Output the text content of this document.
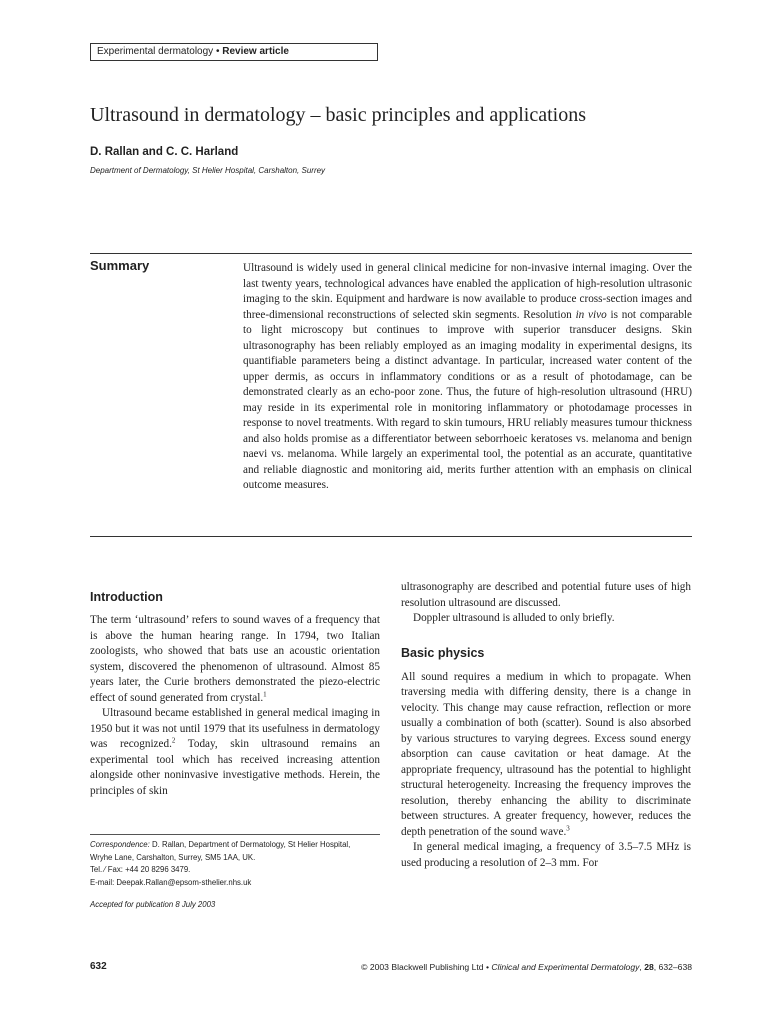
Experimental dermatology • Review article
Ultrasound in dermatology – basic principles and applications
D. Rallan and C. C. Harland
Department of Dermatology, St Helier Hospital, Carshalton, Surrey
Summary	Ultrasound is widely used in general clinical medicine for non-invasive internal imaging. Over the last twenty years, technological advances have enabled the application of high-resolution ultrasonic imaging to the skin. Equipment and hardware is now available to produce cross-section images and three-dimensional reconstructions of selected skin segments. Resolution in vivo is not comparable to light microscopy but continues to improve with superior transducer designs. Skin ultrasonography has been reliably employed as an imaging modality in experimental designs, its quantifiable parameters being a distinct advantage. In particular, increased water content of the upper dermis, as occurs in inflammatory conditions or as a result of photodamage, can be demonstrated clearly as an echo-poor zone. Thus, the future of high-resolution ultrasound (HRU) may reside in its experimental role in monitoring inflammatory or photodamage processes in response to novel treatments. With regard to skin tumours, HRU reliably measures tumour thickness and also holds promise as a differentiator between seborrhoeic keratoses vs. melanoma and benign naevi vs. melanoma. While largely an experimental tool, the potential as an accurate, quantitative and reliable diagnostic and monitoring aid, merits further attention with an emphasis on clinical outcome measures.

Introduction

The term ‘ultrasound’ refers to sound waves of a frequency that is above the human hearing range. In 1794, two Italian zoologists, who showed that bats use an acoustic orientation system, discovered the phenomenon of ultrasound. Almost 85 years later, the Curie brothers demonstrated the piezo-electric effect of sound generated from crystal.$^1$

Ultrasound became established in general medical imaging in 1950 but it was not until 1979 that its usefulness in dermatology was recognized.$^2$ Today, skin ultrasound remains an experimental tool which has received increasing attention alongside other noninvasive investigative methods. Herein, the principles of skin

Correspondence: D. Rallan, Department of Dermatology, St Helier Hospital,

Wryhe Lane, Carshalton, Surrey, SM5 1AA, UK.

Tel. ⁄ Fax: +44 20 8296 3479.

E-mail: Deepak.Rallan@epsom-sthelier.nhs.uk

Accepted for publication 8 July 2003

ultrasonography are described and potential future uses of high resolution ultrasound are discussed.

Doppler ultrasound is alluded to only briefly.

Basic physics

All sound requires a medium in which to propagate. When traversing media with differing density, there is a change in velocity. This change may cause refraction, reflection or more usually a combination of both (scatter). Sound is also absorbed by various structures to varying degrees. Excess sound energy absorption can cause cavitation or heat damage. At the appropriate frequency, ultrasound has the potential to highlight structural heterogeneity. Increasing the frequency improves the resolution, thereby enhancing the ability to discriminate between structures. A greater frequency, however, reduces the depth penetration of the sound wave.$^3$

In general medical imaging, a frequency of 3.5–7.5 MHz is used producing a resolution of 2–3 mm. For

632	© 2003 Blackwell Publishing Ltd • Clinical and Experimental Dermatology, 28, 632–638
